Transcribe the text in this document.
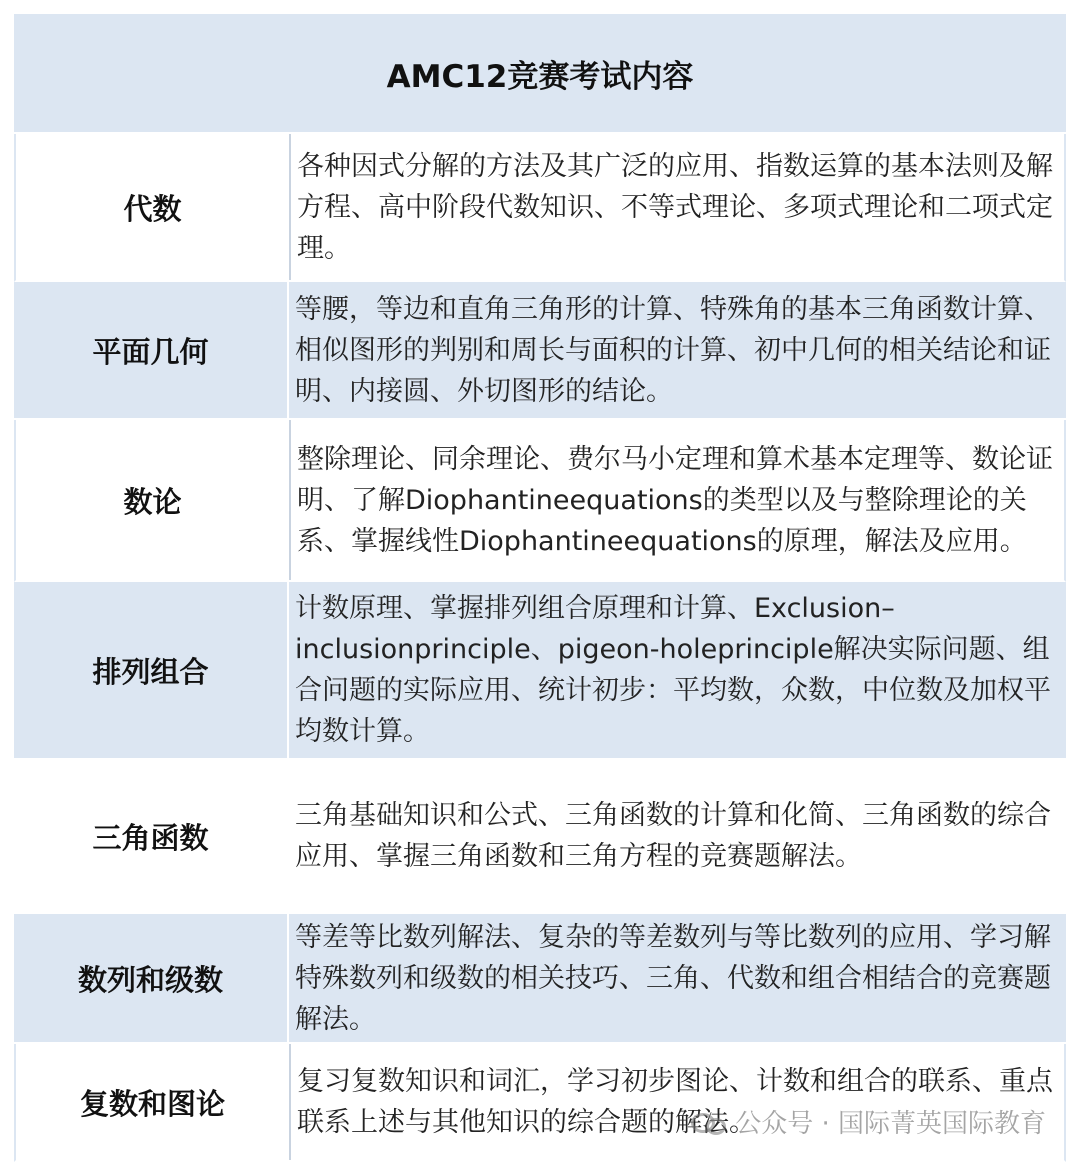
AMC12竞赛考试内容
代数
各种因式分解的方法及其广泛的应用、指数运算的基本法则及解方程、高中阶段代数知识、不等式理论、多项式理论和二项式定理。
平面几何
等腰，等边和直角三角形的计算、特殊角的基本三角函数计算、相似图形的判别和周长与面积的计算、初中几何的相关结论和证明、内接圆、外切图形的结论。
数论
整除理论、同余理论、费尔马小定理和算术基本定理等、数论证明、了解Diophantineequations的类型以及与整除理论的关系、掌握线性Diophantineequations的原理，解法及应用。
排列组合
计数原理、掌握排列组合原理和计算、Exclusion–inclusionprinciple、pigeon-holeprinciple解决实际问题、组合问题的实际应用、统计初步：平均数，众数，中位数及加权平均数计算。
三角函数
三角基础知识和公式、三角函数的计算和化简、三角函数的综合应用、掌握三角函数和三角方程的竞赛题解法。
数列和级数
等差等比数列解法、复杂的等差数列与等比数列的应用、学习解特殊数列和级数的相关技巧、三角、代数和组合相结合的竞赛题解法。
复数和图论
复习复数知识和词汇，学习初步图论、计数和组合的联系、重点联系上述与其他知识的综合题的解法。
公众号 · 国际菁英国际教育
